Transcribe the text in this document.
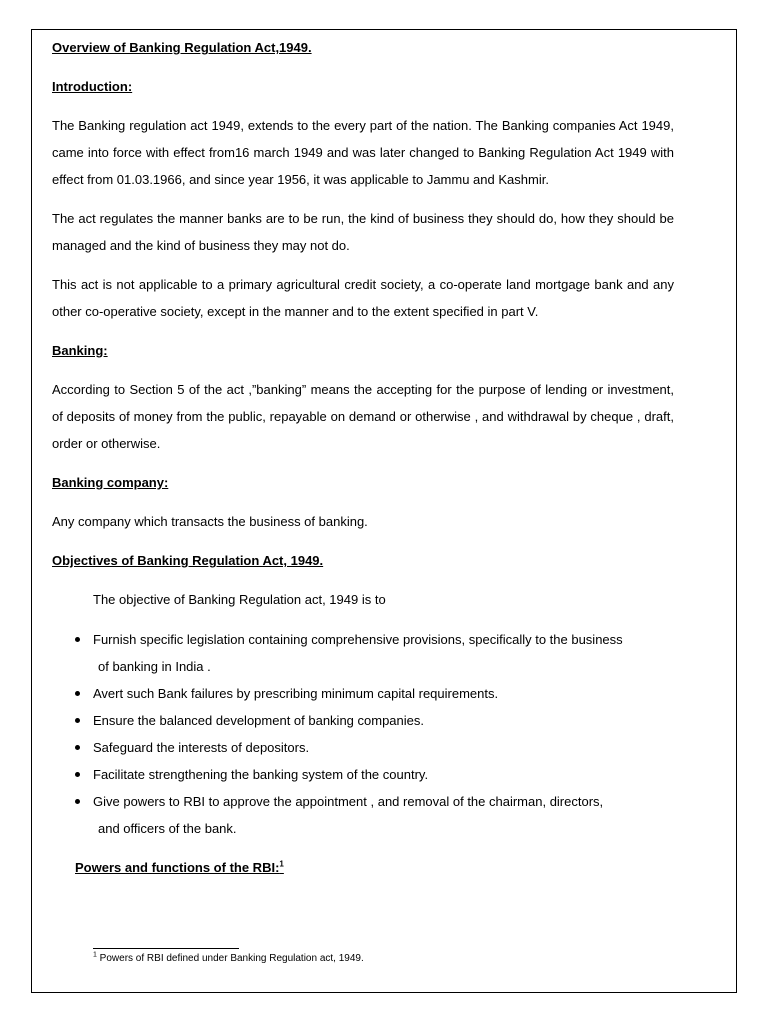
Overview of Banking Regulation Act,1949.

Introduction:

The Banking regulation act 1949, extends to the every part of the nation. The Banking companies Act 1949, came into force with effect from16 march 1949 and was later changed to Banking Regulation Act 1949 with effect from 01.03.1966, and since year 1956, it was applicable to Jammu and Kashmir.

The act regulates the manner banks are to be run, the kind of business they should do, how they should be managed and the kind of business they may not do.

This act is not applicable to a primary agricultural credit society, a co-operate land mortgage bank and any other co-operative society, except in the manner and to the extent specified in part V.

Banking:

According to Section 5 of the act ,”banking” means the accepting for the purpose of lending or investment, of deposits of money from the public, repayable on demand or otherwise , and withdrawal by cheque , draft, order or otherwise.

Banking company:

Any company which transacts the business of banking.

Objectives of Banking Regulation Act, 1949.

The objective of Banking Regulation act, 1949 is to

Furnish specific legislation containing comprehensive provisions, specifically to the business
of banking in India .
Avert such Bank failures by prescribing minimum capital requirements.
Ensure the balanced development of banking companies.
Safeguard the interests of depositors.
Facilitate strengthening the banking system of the country.
Give powers to RBI to approve the appointment , and removal of the chairman, directors,
and officers of the bank.

Powers and functions of the RBI:$^1$

$^1$ Powers of RBI defined under Banking Regulation act, 1949.
